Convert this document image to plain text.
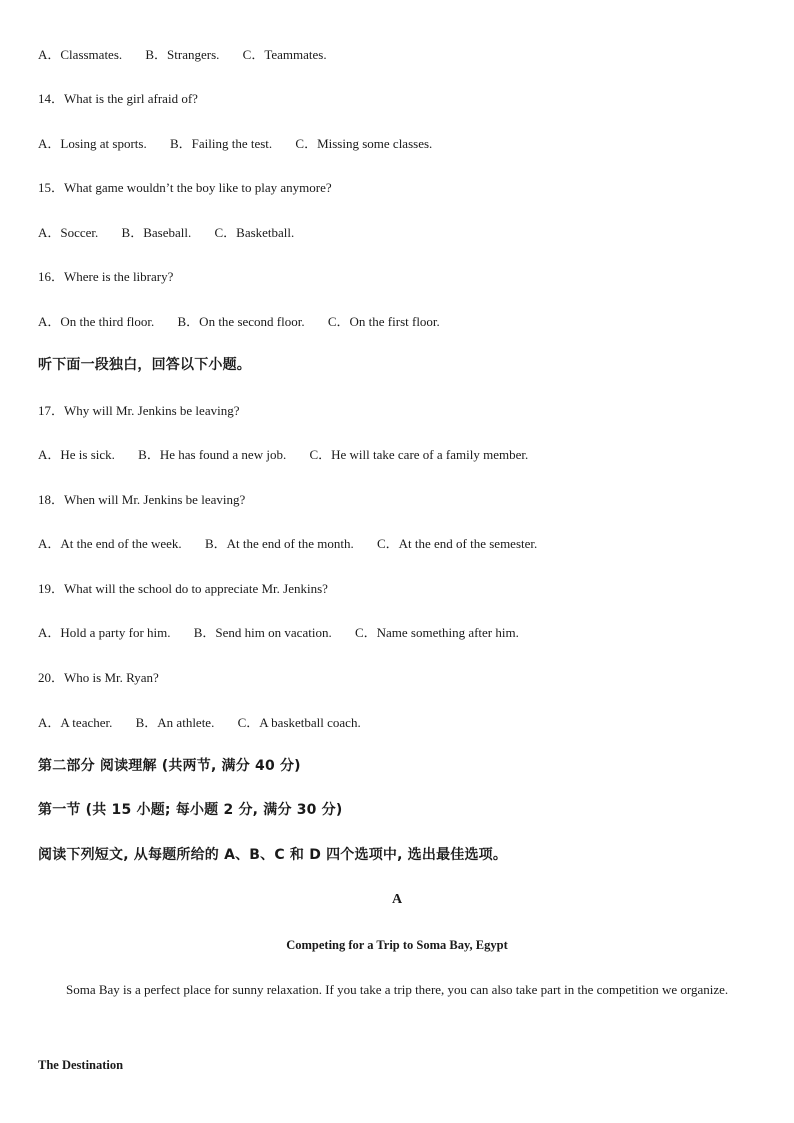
A．Classmates. B．Strangers. C．Teammates.
14．What is the girl afraid of?
A．Losing at sports. B．Failing the test. C．Missing some classes.
15．What game wouldn’t the boy like to play anymore?
A．Soccer. B．Baseball. C．Basketball.
16．Where is the library?
A．On the third floor. B．On the second floor. C．On the first floor.
听下面一段独白，回答以下小题。
17．Why will Mr. Jenkins be leaving?
A．He is sick. B．He has found a new job. C．He will take care of a family member.
18．When will Mr. Jenkins be leaving?
A．At the end of the week. B．At the end of the month. C．At the end of the semester.
19．What will the school do to appreciate Mr. Jenkins?
A．Hold a party for him. B．Send him on vacation. C．Name something after him.
20．Who is Mr. Ryan?
A．A teacher. B．An athlete. C．A basketball coach.
第二部分 阅读理解 (共两节, 满分 40 分)
第一节 (共 15 小题; 每小题 2 分, 满分 30 分)
阅读下列短文, 从每题所给的 A、B、C 和 D 四个选项中, 选出最佳选项。
A
Competing for a Trip to Soma Bay, Egypt
Soma Bay is a perfect place for sunny relaxation. If you take a trip there, you can also take part in the competition we organize.
The Destination
